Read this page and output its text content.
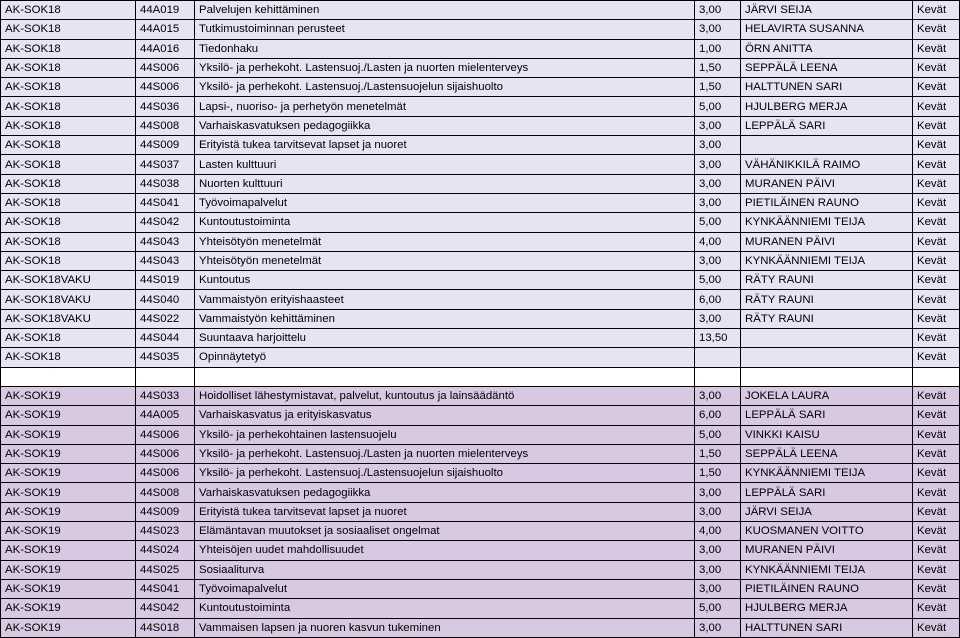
AK-SOK18	44A019	Palvelujen kehittäminen	3,00	JÄRVI SEIJA	Kevät
AK-SOK18	44A015	Tutkimustoiminnan perusteet	3,00	HELAVIRTA SUSANNA	Kevät
AK-SOK18	44A016	Tiedonhaku	1,00	ÖRN ANITTA	Kevät
AK-SOK18	44S006	Yksilö- ja perhekoht. Lastensuoj./Lasten ja nuorten mielenterveys	1,50	SEPPÄLÄ LEENA	Kevät
AK-SOK18	44S006	Yksilö- ja perhekoht. Lastensuoj./Lastensuojelun sijaishuolto	1,50	HALTTUNEN SARI	Kevät
AK-SOK18	44S036	Lapsi-, nuoriso- ja perhetyön menetelmät	5,00	HJULBERG MERJA	Kevät
AK-SOK18	44S008	Varhaiskasvatuksen pedagogiikka	3,00	LEPPÄLÄ SARI	Kevät
AK-SOK18	44S009	Erityistä tukea tarvitsevat lapset ja nuoret	3,00		Kevät
AK-SOK18	44S037	Lasten kulttuuri	3,00	VÄHÄNIKKILÄ RAIMO	Kevät
AK-SOK18	44S038	Nuorten kulttuuri	3,00	MURANEN PÄIVI	Kevät
AK-SOK18	44S041	Työvoimapalvelut	3,00	PIETILÄINEN RAUNO	Kevät
AK-SOK18	44S042	Kuntoutustoiminta	5,00	KYNKÄÄNNIEMI TEIJA	Kevät
AK-SOK18	44S043	Yhteisötyön menetelmät	4,00	MURANEN PÄIVI	Kevät
AK-SOK18	44S043	Yhteisötyön menetelmät	3,00	KYNKÄÄNNIEMI TEIJA	Kevät
AK-SOK18VAKU	44S019	Kuntoutus	5,00	RÄTY RAUNI	Kevät
AK-SOK18VAKU	44S040	Vammaistyön erityishaasteet	6,00	RÄTY RAUNI	Kevät
AK-SOK18VAKU	44S022	Vammaistyön kehittäminen	3,00	RÄTY RAUNI	Kevät
AK-SOK18	44S044	Suuntaava harjoittelu	13,50		Kevät
AK-SOK18	44S035	Opinnäytetyö			Kevät

AK-SOK19	44S033	Hoidolliset lähestymistavat, palvelut, kuntoutus ja lainsäädäntö	3,00	JOKELA LAURA	Kevät
AK-SOK19	44A005	Varhaiskasvatus ja erityiskasvatus	6,00	LEPPÄLÄ SARI	Kevät
AK-SOK19	44S006	Yksilö- ja perhekohtainen lastensuojelu	5,00	VINKKI KAISU	Kevät
AK-SOK19	44S006	Yksilö- ja perhekoht. Lastensuoj./Lasten ja nuorten mielenterveys	1,50	SEPPÄLÄ LEENA	Kevät
AK-SOK19	44S006	Yksilö- ja perhekoht. Lastensuoj./Lastensuojelun sijaishuolto	1,50	KYNKÄÄNNIEMI TEIJA	Kevät
AK-SOK19	44S008	Varhaiskasvatuksen pedagogiikka	3,00	LEPPÄLÄ SARI	Kevät
AK-SOK19	44S009	Erityistä tukea tarvitsevat lapset ja nuoret	3,00	JÄRVI SEIJA	Kevät
AK-SOK19	44S023	Elämäntavan muutokset ja sosiaaliset ongelmat	4,00	KUOSMANEN VOITTO	Kevät
AK-SOK19	44S024	Yhteisöjen uudet mahdollisuudet	3,00	MURANEN PÄIVI	Kevät
AK-SOK19	44S025	Sosiaaliturva	3,00	KYNKÄÄNNIEMI TEIJA	Kevät
AK-SOK19	44S041	Työvoimapalvelut	3,00	PIETILÄINEN RAUNO	Kevät
AK-SOK19	44S042	Kuntoutustoiminta	5,00	HJULBERG MERJA	Kevät
AK-SOK19	44S018	Vammaisen lapsen ja nuoren kasvun tukeminen	3,00	HALTTUNEN SARI	Kevät
